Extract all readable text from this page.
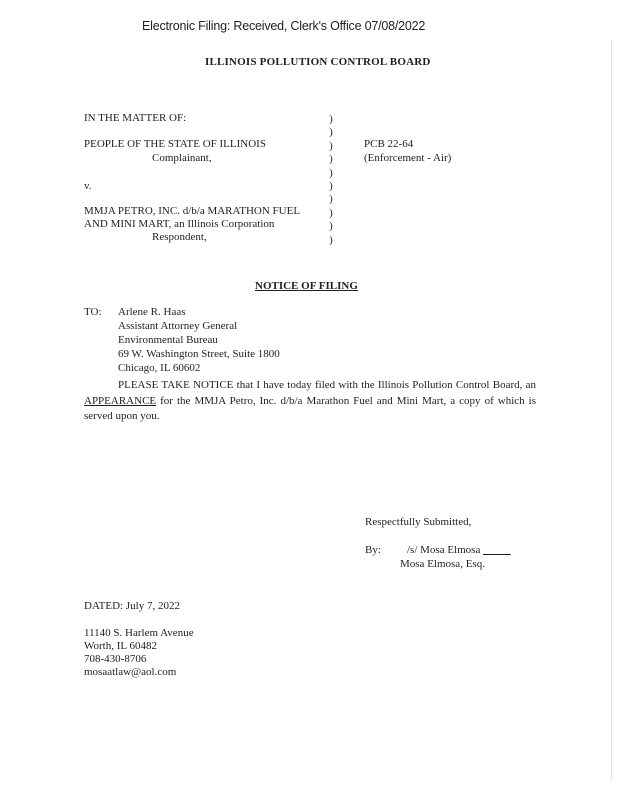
Electronic Filing: Received, Clerk's Office 07/08/2022
ILLINOIS POLLUTION CONTROL BOARD
IN THE MATTER OF:
PEOPLE OF THE STATE OF ILLINOIS
Complainant,
v.
MMJA PETRO, INC. d/b/a MARATHON FUEL
AND MINI MART, an Illinois Corporation
Respondent,
)
)
)
)
)
)
)
)
)
)
PCB 22-64
(Enforcement - Air)
NOTICE OF FILING
TO: Arlene R. Haas
Assistant Attorney General
Environmental Bureau
69 W. Washington Street, Suite 1800
Chicago, IL 60602
PLEASE TAKE NOTICE that I have today filed with the Illinois Pollution Control Board, an APPEARANCE for the MMJA Petro, Inc. d/b/a Marathon Fuel and Mini Mart, a copy of which is served upon you.
Respectfully Submitted,
By: /s/ Mosa Elmosa _____
Mosa Elmosa, Esq.
DATED: July 7, 2022
11140 S. Harlem Avenue
Worth, IL 60482
708-430-8706
mosaatlaw@aol.com
